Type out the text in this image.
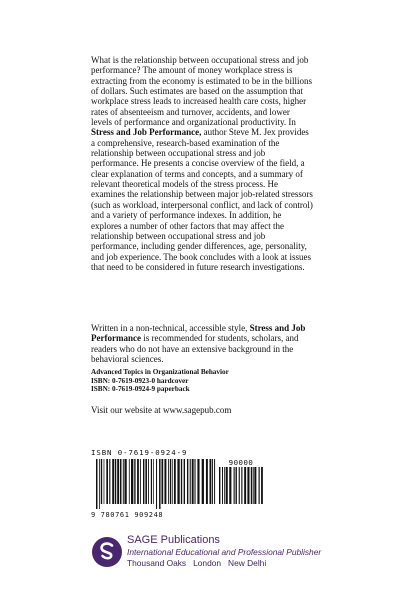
What is the relationship between occupational stress and job performance? The amount of money workplace stress is extracting from the economy is estimated to be in the billions of dollars. Such estimates are based on the assumption that workplace stress leads to increased health care costs, higher rates of absenteeism and turnover, accidents, and lower levels of performance and organizational productivity. In Stress and Job Performance, author Steve M. Jex provides a comprehensive, research-based examination of the relationship between occupational stress and job performance. He presents a concise overview of the field, a clear explanation of terms and concepts, and a summary of relevant theoretical models of the stress process. He examines the relationship between major job-related stressors (such as workload, interpersonal conflict, and lack of control) and a variety of performance indexes. In addition, he explores a number of other factors that may affect the relationship between occupational stress and job performance, including gender differences, age, personality, and job experience. The book concludes with a look at issues that need to be considered in future research investigations.

Written in a non-technical, accessible style, Stress and Job Performance is recommended for students, scholars, and readers who do not have an extensive background in the behavioral sciences.

Advanced Topics in Organizational Behavior
ISBN: 0-7619-0923-0 hardcover
ISBN: 0-7619-0924-9 paperback

Visit our website at www.sagepub.com

ISBN 0-7619-0924-9
90000
9 780761 909248
SAGE Publications
International Educational and Professional Publisher
Thousand Oaks   London   New Delhi
